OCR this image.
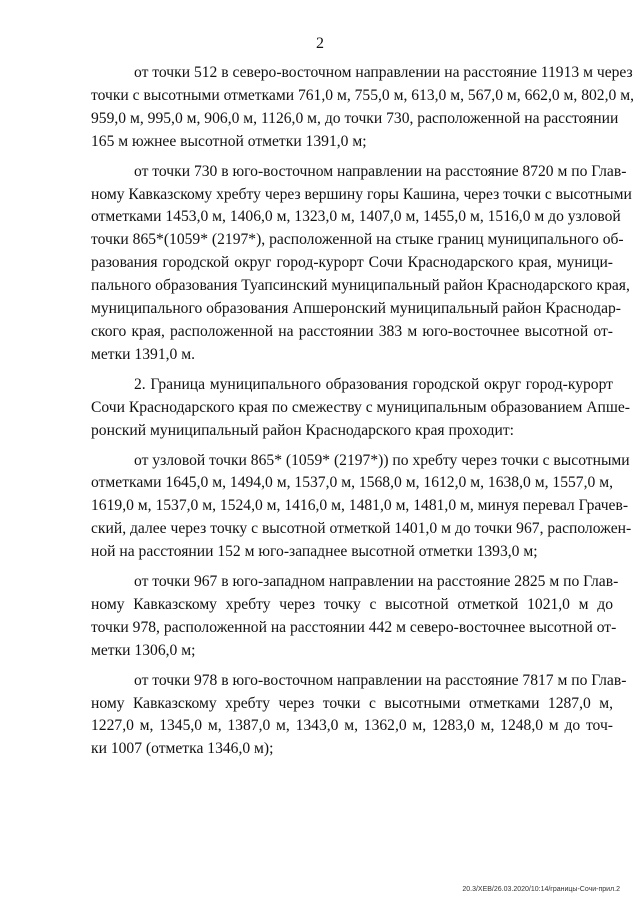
2
от точки 512 в северо-восточном направлении на расстояние 11913 м через
точки с высотными отметками 761,0 м, 755,0 м, 613,0 м, 567,0 м, 662,0 м, 802,0 м,
959,0 м, 995,0 м, 906,0 м, 1126,0 м, до точки 730, расположенной на расстоянии
165 м южнее высотной отметки 1391,0 м;
от точки 730 в юго-восточном направлении на расстояние 8720 м по Глав-
ному Кавказскому хребту через вершину горы Кашина, через точки с высотными
отметками 1453,0 м, 1406,0 м, 1323,0 м, 1407,0 м, 1455,0 м, 1516,0 м до узловой
точки 865*(1059* (2197*), расположенной на стыке границ муниципального об-
разования городской округ город-курорт Сочи Краснодарского края, муници-
пального образования Туапсинский муниципальный район Краснодарского края,
муниципального образования Апшеронский муниципальный район Краснодар-
ского края, расположенной на расстоянии 383 м юго-восточнее высотной от-
метки 1391,0 м.
2. Граница муниципального образования городской округ город-курорт
Сочи Краснодарского края по смежеству с муниципальным образованием Апше-
ронский муниципальный район Краснодарского края проходит:
от узловой точки 865* (1059* (2197*)) по хребту через точки с высотными
отметками 1645,0 м, 1494,0 м, 1537,0 м, 1568,0 м, 1612,0 м, 1638,0 м, 1557,0 м,
1619,0 м, 1537,0 м, 1524,0 м, 1416,0 м, 1481,0 м, 1481,0 м, минуя перевал Грачев-
ский, далее через точку с высотной отметкой 1401,0 м до точки 967, расположен-
ной на расстоянии 152 м юго-западнее высотной отметки 1393,0 м;
от точки 967 в юго-западном направлении на расстояние 2825 м по Глав-
ному Кавказскому хребту через точку с высотной отметкой 1021,0 м до
точки 978, расположенной на расстоянии 442 м северо-восточнее высотной от-
метки 1306,0 м;
от точки 978 в юго-восточном направлении на расстояние 7817 м по Глав-
ному Кавказскому хребту через точки с высотными отметками 1287,0 м,
1227,0 м, 1345,0 м, 1387,0 м, 1343,0 м, 1362,0 м, 1283,0 м, 1248,0 м до точ-
ки 1007 (отметка 1346,0 м);
20.3/ХЕВ/26.03.2020/10:14/границы-Сочи-прил.2
